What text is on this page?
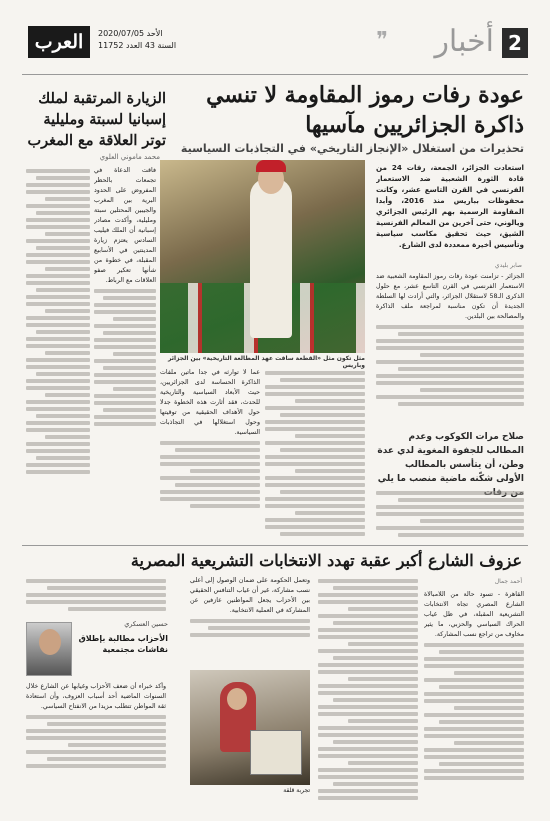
2
أخبار
❞
العرب	الأحد 2020/07/05
السنة 43 العدد 11752
عودة رفات رموز المقاومة لا تنسي
ذاكرة الجزائريين مآسيها
تحذيرات من استغلال «الإنجاز التاريخي» في التجاذبات السياسية

استعادت الجزائر، الجمعة، رفات 24 من قادة الثورة الشعبية ضد الاستعمار الفرنسي في القرن التاسع عشر، وكانت محفوظات بباريس منذ 2016، وأبدا المقاومة الرسمية بهم الرئيس الجزائري ويالوني، حتى آخرين من المعالم الفرنسية الشيق، حيث تحقيق مكاسب سياسية وتأسيس أخيرة ممعددة لدى الشارع.

صابر بليدي

الجزائر - تزامنت عودة رفات رموز المقاومة الشعبية ضد الاستعمار الفرنسي في القرن التاسع عشر، مع حلول الذكرى الـ58 لاستقلال الجزائر، والتي أرادت لها السلطة الجديدة أن تكون مناسبة لمراجعة ملف الذاكرة والمصالحة بين البلدين.

صلاح مرات الكوكوب وعدم المطالب للجفوة المغوية لدي عدة وطن، أن يتأسس بالمطالب الأولى شكّنه ماضية منصب ما يلي
مثل تكون مثل «القطعة ساقت عهد المطالعة التاريخية» بين الجزائر وباريس

عما لا توارثه في جدا ماتين ملفات الذاكرة الحساسة لدى الجزائريين، حيث الأبعاد السياسية والتاريخية للحدث، فقد أثارت هذه الخطوة جدلا حول الأهداف الحقيقية من توقيتها وحول استغلالها في التجاذبات السياسية.

الزيارة المرتقبة لملك
إسبانيا لسبتة ومليلية
توتر العلاقة مع المغرب
محمد ماموني العلوي

فاقت الدعاة في تجمعات بالحظر المفروض على الحدود البرية بين المغرب والجيبين المحتلين سبتة ومليلية، وأكدت مصادر إسبانية أن الملك فيليب السادس يعتزم زيارة المدينتين في الأسابيع المقبلة، في خطوة من شأنها تعكير صفو العلاقات مع الرباط.

عزوف الشارع أكبر عقبة تهدد الانتخابات التشريعية المصرية
أحمد جمال

القاهرة - تسود حالة من اللامبالاة الشارع المصري تجاه الانتخابات التشريعية المقبلة، في ظل غياب الحراك السياسي والحزبي، ما يثير مخاوف من تراجع نسب المشاركة.

وتعمل الحكومة على ضمان الوصول إلى أعلى نسب مشاركة، غير أن غياب التنافس الحقيقي بين الأحزاب يجعل المواطنين عازفين عن المشاركة في العملية الانتخابية.

تجربة قلقة
حسين العسكري
الأحزاب مطالبة بإطلاق نقاشات مجتمعية

وأكد خبراء أن ضعف الأحزاب وغيابها عن الشارع خلال السنوات الماضية أحد أسباب العزوف، وأن استعادة ثقة المواطن تتطلب مزيدا من الانفتاح السياسي.
